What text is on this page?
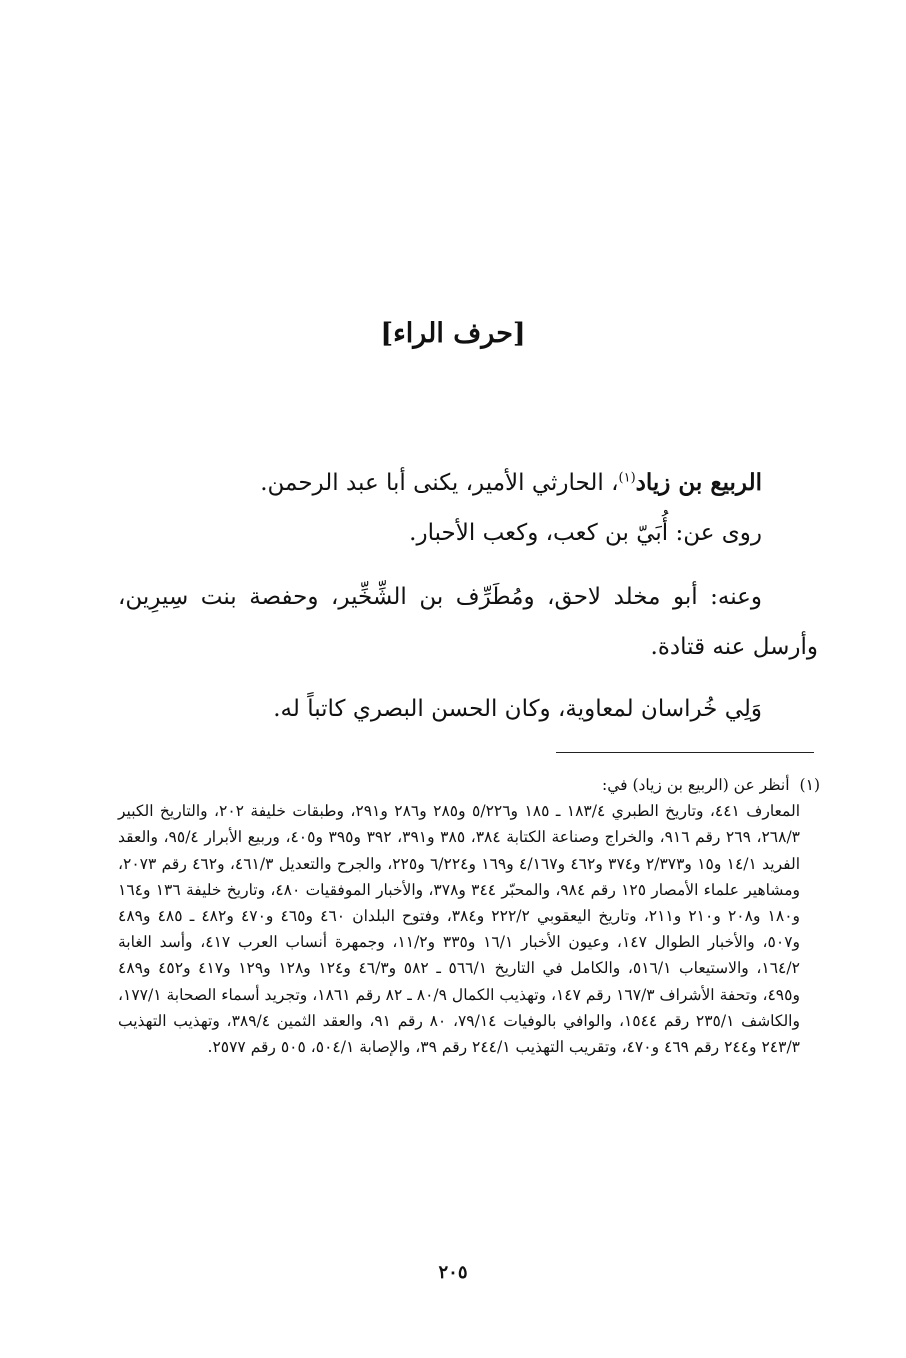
[حرف الراء]

الربيع بن زياد$^{(١)}$، الحارثي الأمير، يكنى أبا عبد الرحمن.

روى عن: أُبَيّ بن كعب، وكعب الأحبار.

وعنه: أبو مخلد لاحق، ومُطَرِّف بن الشِّخِّير، وحفصة بنت سِيرِين، وأرسل عنه قتادة.

وَلِي خُراسان لمعاوية، وكان الحسن البصري كاتباً له.

(١)
أنظر عن (الربيع بن زياد) في:

المعارف ٤٤١، وتاريخ الطبري ١٨٣/٤ ـ ١٨٥ و٥/٢٢٦ و٢٨٥ و٢٨٦ و٢٩١، وطبقات خليفة ٢٠٢، والتاريخ الكبير ٢٦٨/٣، ٢٦٩ رقم ٩١٦، والخراج وصناعة الكتابة ٣٨٤، ٣٨٥ و٣٩١، ٣٩٢ و٣٩٥ و٤٠٥، وربيع الأبرار ٩٥/٤، والعقد الفريد ١٤/١ و١٥ و٢/٣٧٣ و٣٧٤ و٤٦٢ و٤/١٦٧ و١٦٩ و٦/٢٢٤ و٢٢٥، والجرح والتعديل ٤٦١/٣، و٤٦٢ رقم ٢٠٧٣، ومشاهير علماء الأمصار ١٢٥ رقم ٩٨٤، والمحبّر ٣٤٤ و٣٧٨، والأخبار الموفقيات ٤٨٠، وتاريخ خليفة ١٣٦ و١٦٤ و١٨٠ و٢٠٨ و٢١٠ و٢١١، وتاريخ اليعقوبي ٢٢٢/٢ و٣٨٤، وفتوح البلدان ٤٦٠ و٤٦٥ و٤٧٠ و٤٨٢ ـ ٤٨٥ و٤٨٩ و٥٠٧، والأخبار الطوال ١٤٧، وعيون الأخبار ١٦/١ و٣٣٥ و١١/٢، وجمهرة أنساب العرب ٤١٧، وأسد الغابة ١٦٤/٢، والاستيعاب ٥١٦/١، والكامل في التاريخ ٥٦٦/١ ـ ٥٨٢ و٤٦/٣ و١٢٤ و١٢٨ و١٢٩ و٤١٧ و٤٥٢ و٤٨٩ و٤٩٥، وتحفة الأشراف ١٦٧/٣ رقم ١٤٧، وتهذيب الكمال ٨٠/٩ ـ ٨٢ رقم ١٨٦١، وتجريد أسماء الصحابة ١٧٧/١، والكاشف ٢٣٥/١ رقم ١٥٤٤، والوافي بالوفيات ٧٩/١٤، ٨٠ رقم ٩١، والعقد الثمين ٣٨٩/٤، وتهذيب التهذيب ٢٤٣/٣ و٢٤٤ رقم ٤٦٩ و٤٧٠، وتقريب التهذيب ٢٤٤/١ رقم ٣٩، والإصابة ٥٠٤/١، ٥٠٥ رقم ٢٥٧٧.

٢٠٥
